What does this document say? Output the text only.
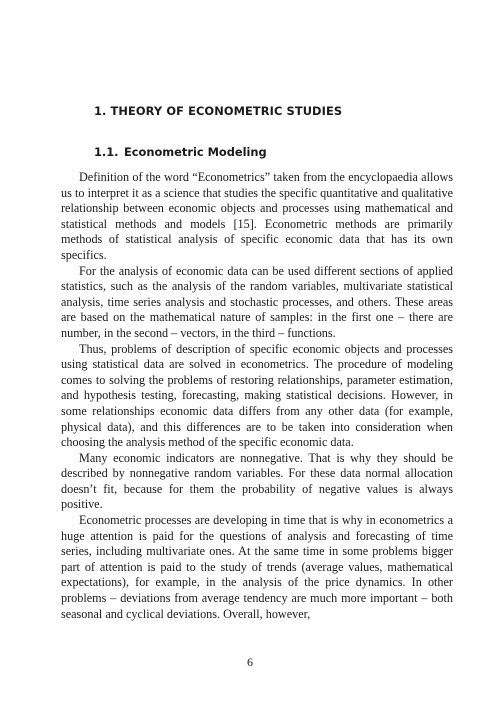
1. THEORY OF ECONOMETRIC STUDIES
1.1. Econometric Modeling

Definition of the word “Econometrics” taken from the encyclopaedia allows us to interpret it as a science that studies the specific quantitative and qualitative relationship between economic objects and processes using mathematical and statistical methods and models [15]. Econometric methods are primarily methods of statistical analysis of specific economic data that has its own specifics.

For the analysis of economic data can be used different sections of applied statistics, such as the analysis of the random variables, multivariate statistical analysis, time series analysis and stochastic processes, and others. These areas are based on the mathematical nature of samples: in the first one – there are number, in the second – vectors, in the third – functions.

Thus, problems of description of specific economic objects and processes using statistical data are solved in econometrics. The procedure of modeling comes to solving the problems of restoring relationships, parameter estimation, and hypothesis testing, forecasting, making statistical decisions. However, in some relationships economic data differs from any other data (for example, physical data), and this differences are to be taken into consideration when choosing the analysis method of the specific economic data.

Many economic indicators are nonnegative. That is why they should be described by nonnegative random variables. For these data normal allocation doesn’t fit, because for them the probability of negative values is always positive.

Econometric processes are developing in time that is why in econometrics a huge attention is paid for the questions of analysis and forecasting of time series, including multivariate ones. At the same time in some problems bigger part of attention is paid to the study of trends (average values, mathematical expectations), for example, in the analysis of the price dynamics. In other problems – deviations from average tendency are much more important – both seasonal and cyclical deviations. Overall, however,

6
